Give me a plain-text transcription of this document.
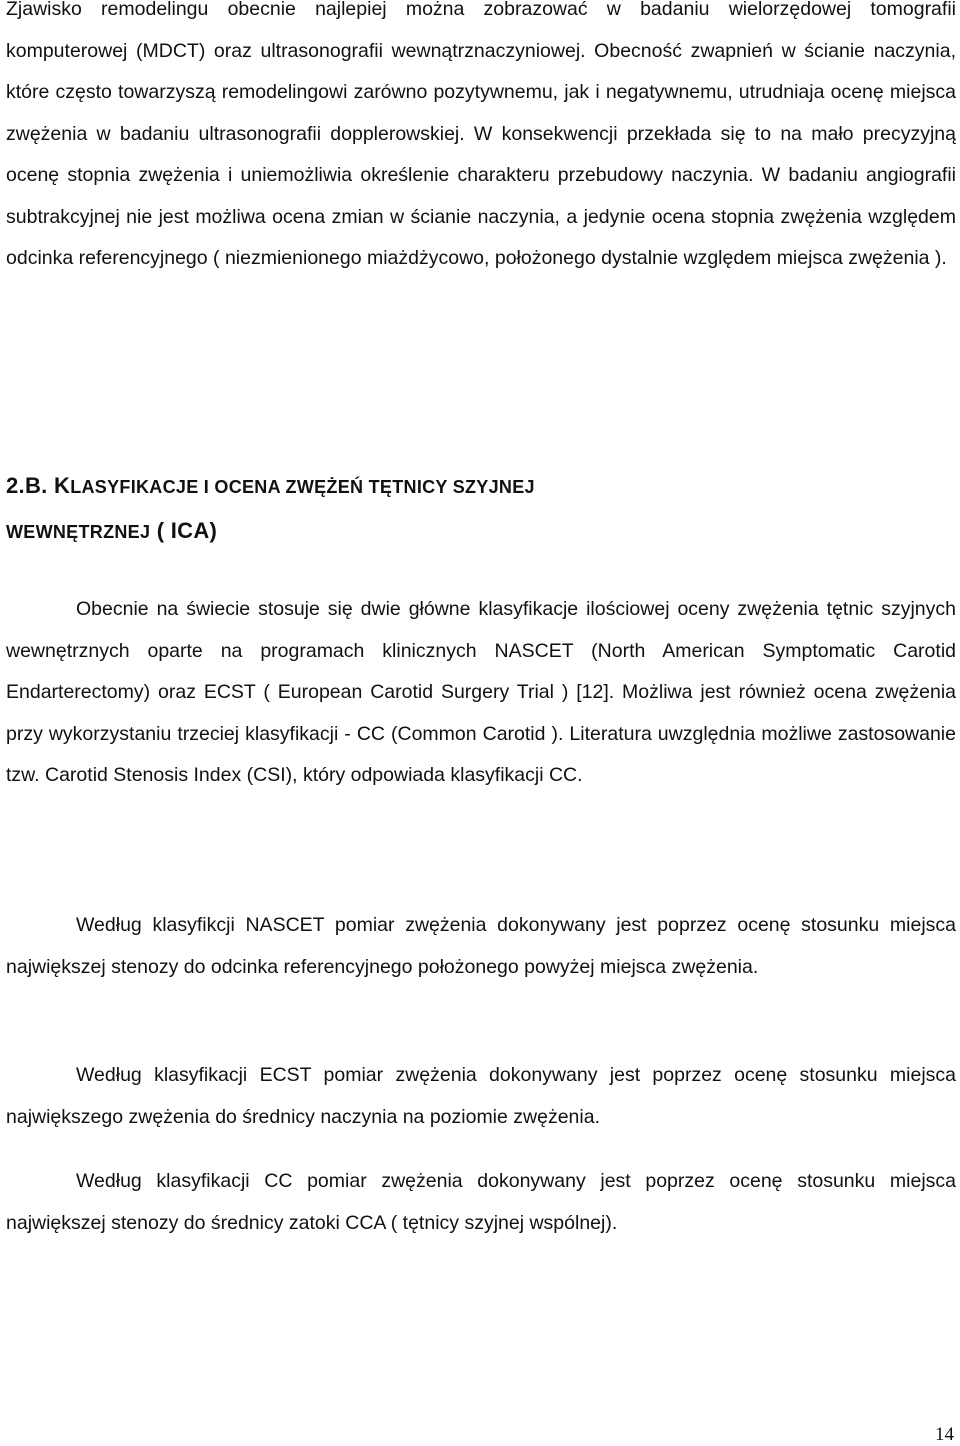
Zjawisko remodelingu obecnie najlepiej można zobrazować w badaniu wielorzędowej tomografii komputerowej (MDCT) oraz ultrasonografii wewnątrznaczyniowej. Obecność zwapnień w ścianie naczynia, które często towarzyszą remodelingowi zarówno pozytywnemu, jak i negatywnemu, utrudniaja ocenę miejsca zwężenia w badaniu ultrasonografii dopplerowskiej. W konsekwencji przekłada się to na mało precyzyjną ocenę stopnia zwężenia i uniemożliwia określenie charakteru przebudowy naczynia. W badaniu angiografii subtrakcyjnej nie jest możliwa ocena zmian w ścianie naczynia, a jedynie ocena stopnia zwężenia względem odcinka referencyjnego ( niezmienionego miażdżycowo, położonego dystalnie względem miejsca zwężenia ).

2.B. KLASYFIKACJE I OCENA ZWĘŻEŃ TĘTNICY SZYJNEJ
WEWNĘTRZNEJ ( ICA)

Obecnie na świecie stosuje się dwie główne klasyfikacje ilościowej oceny zwężenia tętnic szyjnych wewnętrznych oparte na programach klinicznych NASCET (North American Symptomatic Carotid Endarterectomy) oraz ECST ( European Carotid Surgery Trial ) [12]. Możliwa jest również ocena zwężenia przy wykorzystaniu trzeciej klasyfikacji - CC (Common Carotid ). Literatura uwzględnia możliwe zastosowanie tzw. Carotid Stenosis Index (CSI), który odpowiada klasyfikacji CC.

Według klasyfikcji NASCET pomiar zwężenia dokonywany jest poprzez ocenę stosunku miejsca największej stenozy do odcinka referencyjnego położonego powyżej miejsca zwężenia.

Według klasyfikacji ECST pomiar zwężenia dokonywany jest poprzez ocenę stosunku miejsca największego zwężenia do średnicy naczynia na poziomie zwężenia.

Według klasyfikacji CC pomiar zwężenia dokonywany jest poprzez ocenę stosunku miejsca największej stenozy do średnicy zatoki CCA ( tętnicy szyjnej wspólnej).

14
